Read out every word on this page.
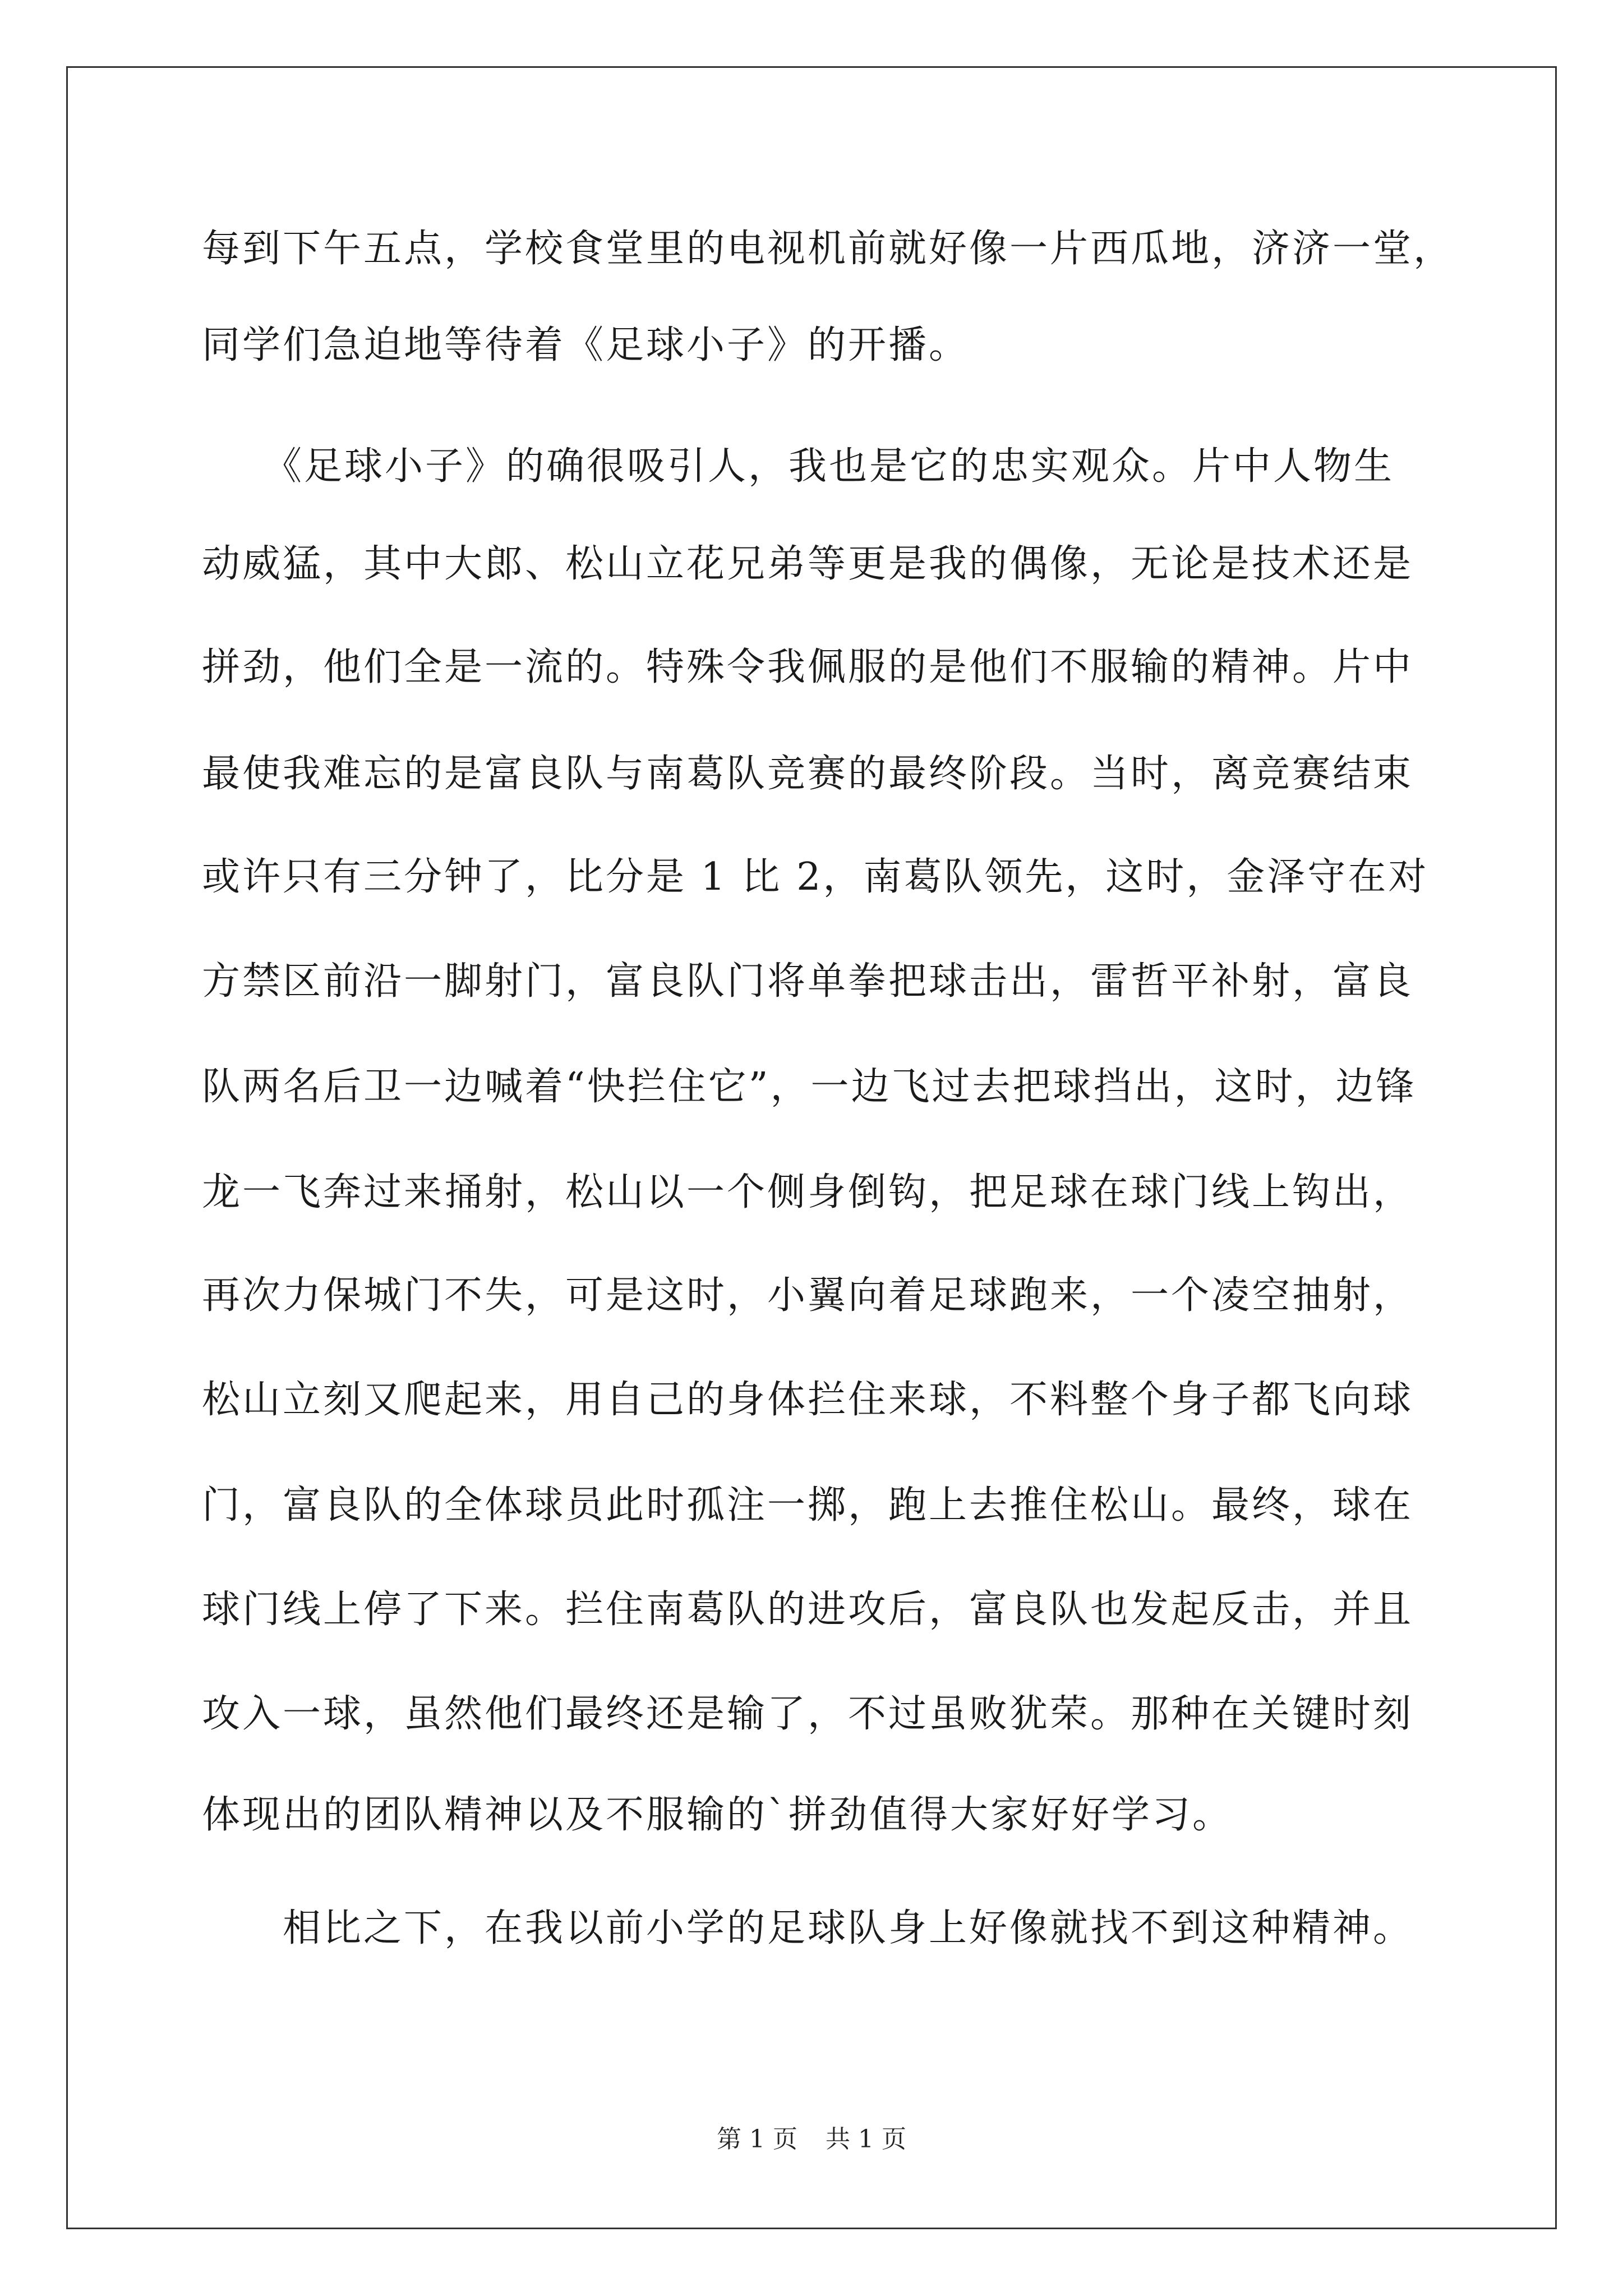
每到下午五点，学校食堂里的电视机前就好像一片西瓜地，济济一堂，
同学们急迫地等待着《足球小子》的开播。
　　《足球小子》的确很吸引人，我也是它的忠实观众。片中人物生
动威猛，其中大郎、松山立花兄弟等更是我的偶像，无论是技术还是
拼劲，他们全是一流的。特殊令我佩服的是他们不服输的精神。片中
最使我难忘的是富良队与南葛队竞赛的最终阶段。当时，离竞赛结束
或许只有三分钟了，比分是 1 比 2，南葛队领先，这时，金泽守在对
方禁区前沿一脚射门，富良队门将单拳把球击出，雷哲平补射，富良
队两名后卫一边喊着“快拦住它”，一边飞过去把球挡出，这时，边锋
龙一飞奔过来捅射，松山以一个侧身倒钩，把足球在球门线上钩出，
再次力保城门不失，可是这时，小翼向着足球跑来，一个凌空抽射，
松山立刻又爬起来，用自己的身体拦住来球，不料整个身子都飞向球
门，富良队的全体球员此时孤注一掷，跑上去推住松山。最终，球在
球门线上停了下来。拦住南葛队的进攻后，富良队也发起反击，并且
攻入一球，虽然他们最终还是输了，不过虽败犹荣。那种在关键时刻
体现出的团队精神以及不服输的`拼劲值得大家好好学习。
　　相比之下，在我以前小学的足球队身上好像就找不到这种精神。
第 1 页 共 1 页
